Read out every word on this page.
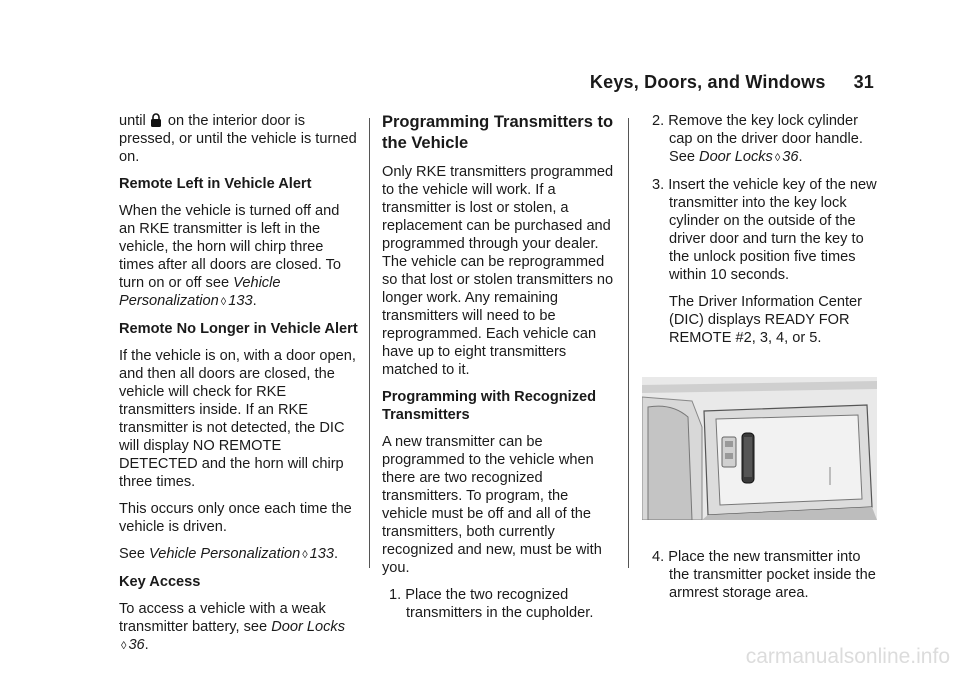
Keys, Doors, and Windows 31

until on the interior door is pressed, or until the vehicle is turned on.

Remote Left in Vehicle Alert

When the vehicle is turned off and an RKE transmitter is left in the vehicle, the horn will chirp three times after all doors are closed. To turn on or off see Vehicle Personalization ◊ 133.

Remote No Longer in Vehicle Alert

If the vehicle is on, with a door open, and then all doors are closed, the vehicle will check for RKE transmitters inside. If an RKE transmitter is not detected, the DIC will display NO REMOTE DETECTED and the horn will chirp three times.

This occurs only once each time the vehicle is driven.

See Vehicle Personalization ◊ 133.

Key Access

To access a vehicle with a weak transmitter battery, see Door Locks
◊ 36.

Programming Transmitters to the Vehicle

Only RKE transmitters programmed to the vehicle will work. If a transmitter is lost or stolen, a replacement can be purchased and programmed through your dealer. The vehicle can be reprogrammed so that lost or stolen transmitters no longer work. Any remaining transmitters will need to be reprogrammed. Each vehicle can have up to eight transmitters matched to it.

Programming with Recognized Transmitters

A new transmitter can be programmed to the vehicle when there are two recognized transmitters. To program, the vehicle must be off and all of the transmitters, both currently recognized and new, must be with you.

1. Place the two recognized transmitters in the cupholder.

2. Remove the key lock cylinder cap on the driver door handle. See Door Locks ◊ 36.

3. Insert the vehicle key of the new transmitter into the key lock cylinder on the outside of the driver door and turn the key to the unlock position five times within 10 seconds.

The Driver Information Center (DIC) displays READY FOR REMOTE #2, 3, 4, or 5.

4. Place the new transmitter into the transmitter pocket inside the armrest storage area.

carmanualsonline.info
